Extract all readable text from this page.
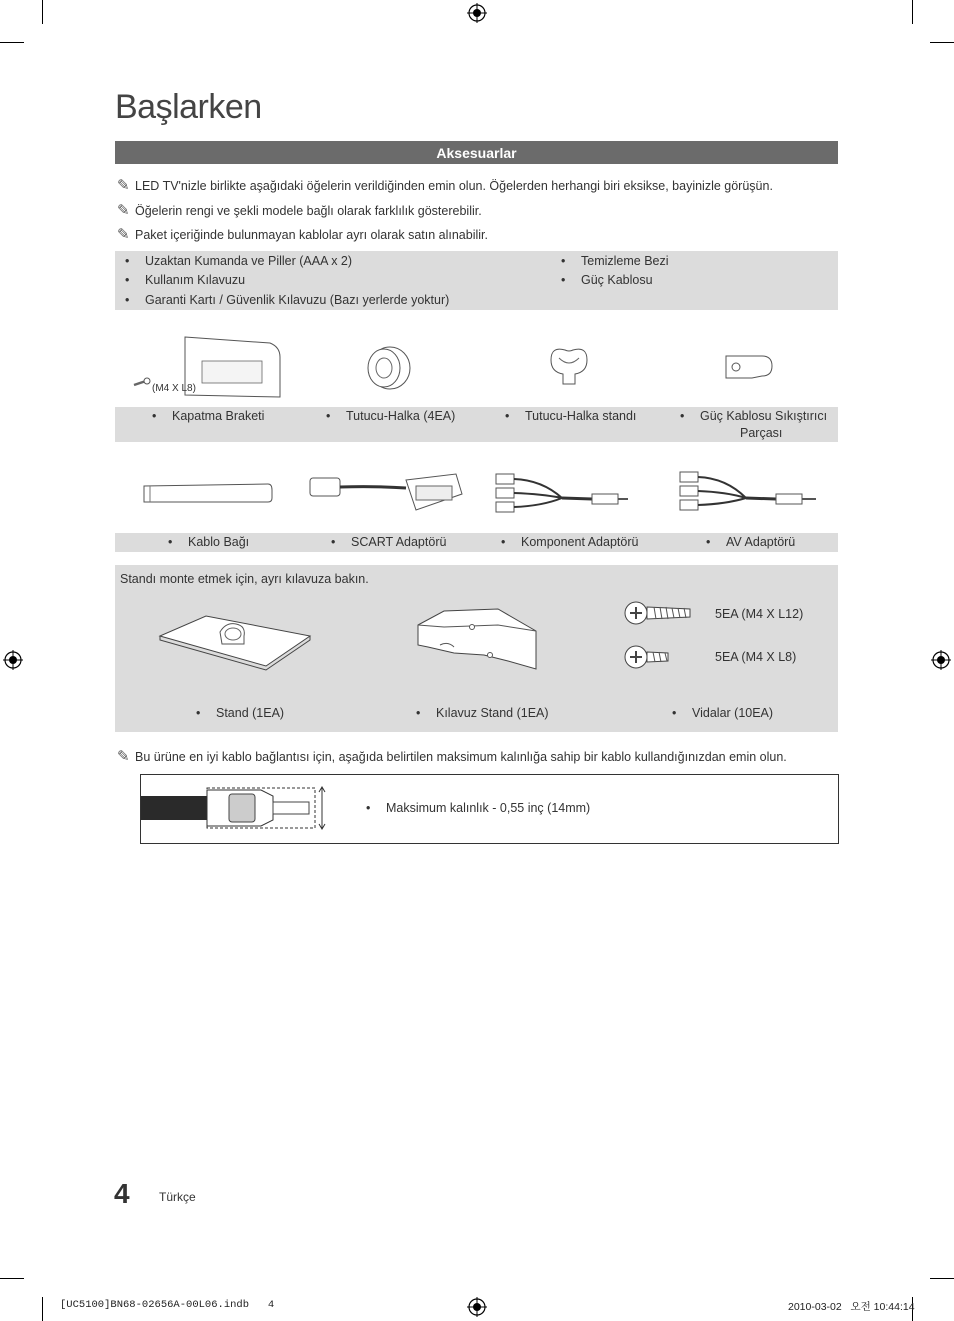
Başlarken
Aksesuarlar
✎ LED TV'nizle birlikte aşağıdaki öğelerin verildiğinden emin olun. Öğelerden herhangi biri eksikse, bayinizle görüşün.
✎ Öğelerin rengi ve şekli modele bağlı olarak farklılık gösterebilir.
✎ Paket içeriğinde bulunmayan kablolar ayrı olarak satın alınabilir.
• Uzaktan Kumanda ve Piller (AAA x 2)
• Kullanım Kılavuzu
• Garanti Kartı / Güvenlik Kılavuzu (Bazı yerlerde yoktur)
• Temizleme Bezi
• Güç Kablosu
(M4 X L8)
• Kapatma Braketi	• Tutucu-Halka (4EA)	• Tutucu-Halka standı	• Güç Kablosu Sıkıştırıcı
Parçası
• Kablo Bağı	• SCART Adaptörü	• Komponent Adaptörü	• AV Adaptörü
Standı monte etmek için, ayrı kılavuza bakın.
5EA (M4 X L12)
5EA (M4 X L8)
• Stand (1EA)	• Kılavuz Stand (1EA)	• Vidalar (10EA)
✎ Bu ürüne en iyi kablo bağlantısı için, aşağıda belirtilen maksimum kalınlığa sahip bir kablo kullandığınızdan emin olun.
• Maksimum kalınlık - 0,55 inç (14mm)
4 Türkçe
[UC5100]BN68-02656A-00L06.indb   4	2010-03-02   오전 10:44:14
